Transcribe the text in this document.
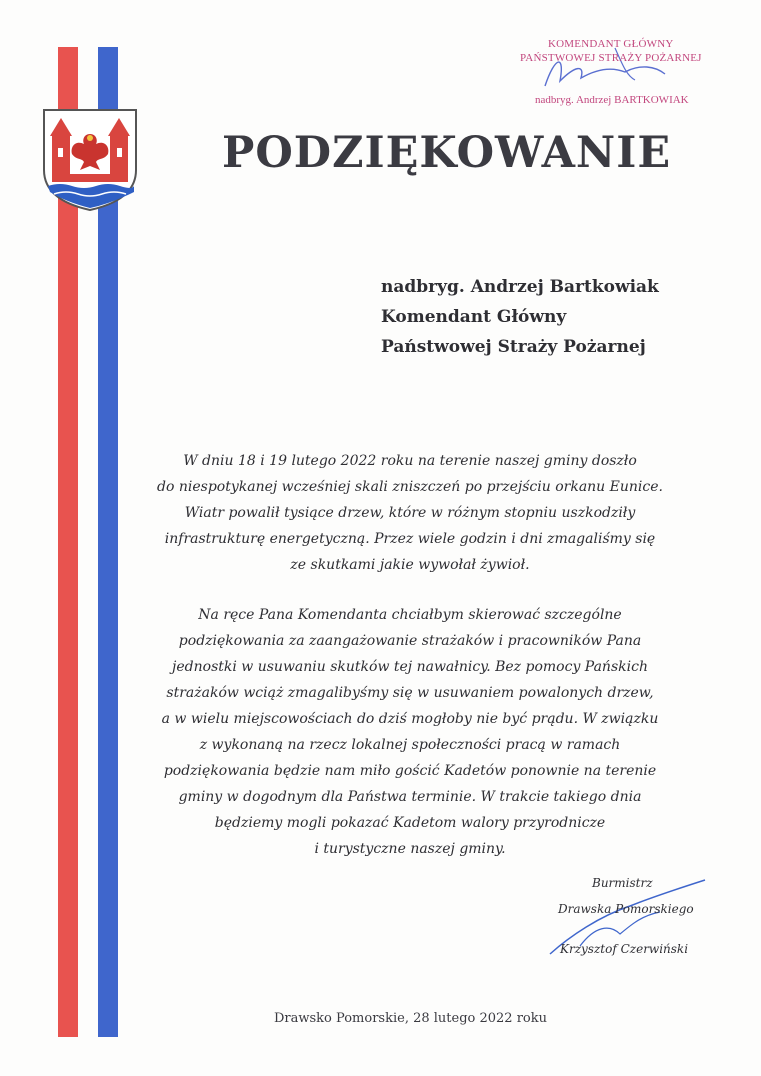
KOMENDANT GŁÓWNY
PAŃSTWOWEJ STRAŻY POŻARNEJ
nadbryg. Andrzej BARTKOWIAK
PODZIĘKOWANIE
nadbryg. Andrzej Bartkowiak
Komendant Główny
Państwowej Straży Pożarnej
W dniu 18 i 19 lutego 2022 roku na terenie naszej gminy doszło
do niespotykanej wcześniej skali zniszczeń po przejściu orkanu Eunice.
Wiatr powalił tysiące drzew, które w różnym stopniu uszkodziły
infrastrukturę energetyczną. Przez wiele godzin i dni zmagaliśmy się
ze skutkami jakie wywołał żywioł.
Na ręce Pana Komendanta chciałbym skierować szczególne
podziękowania za zaangażowanie strażaków i pracowników Pana
jednostki w usuwaniu skutków tej nawałnicy. Bez pomocy Pańskich
strażaków wciąż zmagalibyśmy się w usuwaniem powalonych drzew,
a w wielu miejscowościach do dziś mogłoby nie być prądu. W związku
z wykonaną na rzecz lokalnej społeczności pracą w ramach
podziękowania będzie nam miło gościć Kadetów ponownie na terenie
gminy w dogodnym dla Państwa terminie. W trakcie takiego dnia
będziemy mogli pokazać Kadetom walory przyrodnicze
i turystyczne naszej gminy.
Burmistrz
Drawska Pomorskiego
Krzysztof Czerwiński
Drawsko Pomorskie, 28 lutego 2022 roku
